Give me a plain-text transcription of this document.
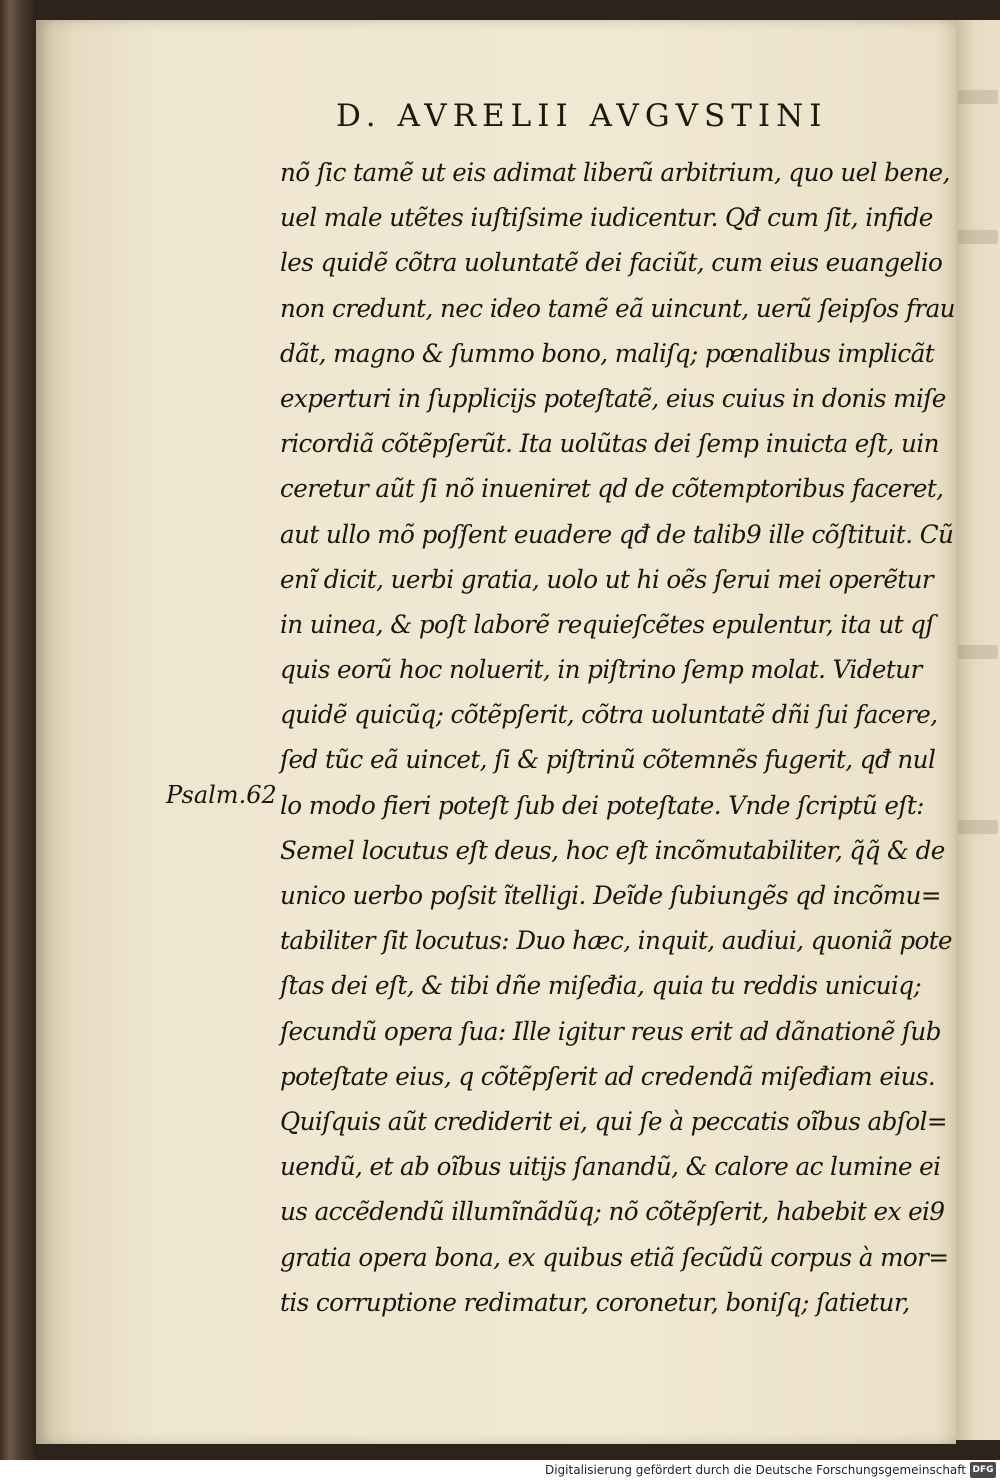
D. AVRELII AVGVSTINI
Psalm.62
nõ ſic tamẽ ut eis adimat liberũ arbitrium, quo uel bene,
uel male utẽtes iuſtiſsime iudicentur. Qđ cum ſit, infide
les quidẽ cõtra uoluntatẽ dei faciũt, cum eius euangelio
non credunt, nec ideo tamẽ eã uincunt, uerũ ſeipſos frau
dãt, magno & ſummo bono, maliſq; pœnalibus implicãt
experturi in ſupplicijs poteſtatẽ, eius cuius in donis miſe
ricordiã cõtẽpſerũt. Ita uolũtas dei ſemp inuicta eſt, uin
ceretur aũt ſi nõ inueniret qd de cõtemptoribus faceret,
aut ullo mõ poſſent euadere qđ de talib9 ille cõſtituit. Cũ
enĩ dicit, uerbi gratia, uolo ut hi oẽs ſerui mei operẽtur
in uinea, & poſt laborẽ requieſcẽtes epulentur, ita ut qſ
quis eorũ hoc noluerit, in piſtrino ſemp molat. Videtur
quidẽ quicũq; cõtẽpſerit, cõtra uoluntatẽ dñi ſui facere,
ſed tũc eã uincet, ſi & piſtrinũ cõtemnẽs fugerit, qđ nul
lo modo fieri poteſt ſub dei poteſtate. Vnde ſcriptũ eſt:
Semel locutus eſt deus, hoc eſt incõmutabiliter, q̃q̃ & de
unico uerbo poſsit ĩtelligi. Deĩde ſubiungẽs qd incõmu=
tabiliter ſit locutus: Duo hæc, inquit, audiui, quoniã pote
ſtas dei eſt, & tibi dñe miſeđia, quia tu reddis unicuiq;
ſecundũ opera ſua: Ille igitur reus erit ad dãnationẽ ſub
poteſtate eius, q cõtẽpſerit ad credendã miſeđiam eius.
Quiſquis aũt crediderit ei, qui ſe à peccatis oĩbus abſol=
uendũ, et ab oĩbus uitijs ſanandũ, & calore ac lumine ei
us accẽdendũ illumĩnãdũq; nõ cõtẽpſerit, habebit ex ei9
gratia opera bona, ex quibus etiã ſecũdũ corpus à mor=
tis corruptione redimatur, coronetur, boniſq; ſatietur,
Digitalisierung gefördert durch die Deutsche Forschungsgemeinschaft DFG
